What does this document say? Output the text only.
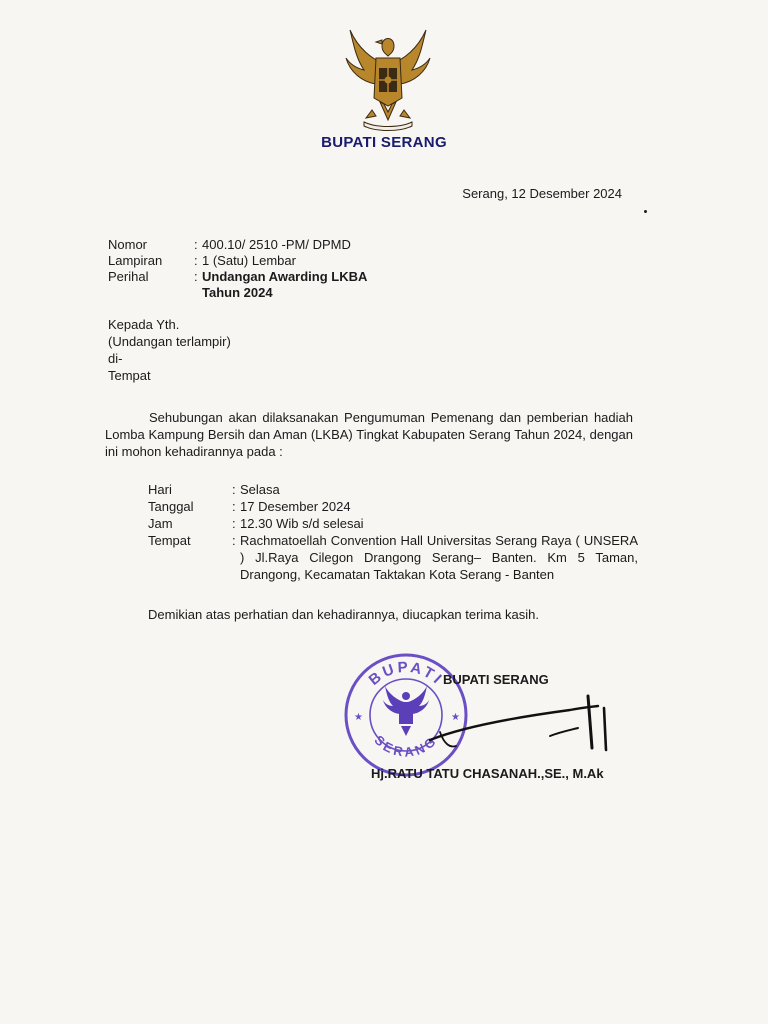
BUPATI SERANG
Serang, 12 Desember 2024
Nomor	: 400.10/ 2510 -PM/ DPMD
Lampiran	: 1 (Satu) Lembar
Perihal	: Undangan Awarding LKBA Tahun 2024
Kepada Yth.
(Undangan terlampir)
di-
Tempat
Sehubungan akan dilaksanakan Pengumuman Pemenang dan pemberian hadiah Lomba Kampung Bersih dan Aman (LKBA) Tingkat Kabupaten Serang Tahun 2024, dengan ini mohon kehadirannya pada :
Hari	: Selasa
Tanggal	: 17 Desember 2024
Jam	: 12.30 Wib s/d selesai
Tempat	: Rachmatoellah Convention Hall Universitas Serang Raya ( UNSERA ) Jl.Raya Cilegon Drangong Serang– Banten. Km 5 Taman, Drangong, Kecamatan Taktakan Kota Serang - Banten
Demikian atas perhatian dan kehadirannya, diucapkan terima kasih.
BUPATI
SERANG
★	★
BUPATI SERANG
Hj.RATU TATU CHASANAH.,SE., M.Ak
